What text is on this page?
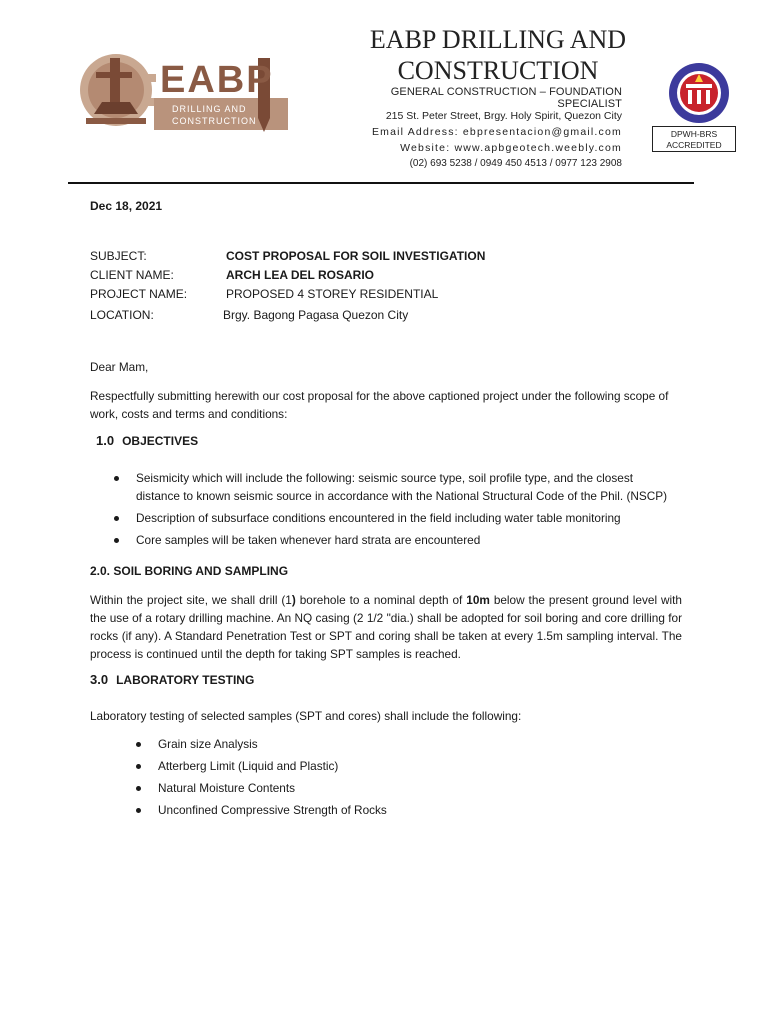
EABP
DRILLING AND
CONSTRUCTION
EABP DRILLING AND
CONSTRUCTION
GENERAL CONSTRUCTION – FOUNDATION SPECIALIST
215 St. Peter Street, Brgy. Holy Spirit, Quezon City
Email Address: ebpresentacion@gmail.com
Website: www.apbgeotech.weebly.com
(02) 693 5238 / 0949 450 4513 / 0977 123 2908
DPWH-BRS
ACCREDITED
Dec 18, 2021
SUBJECT:	COST PROPOSAL FOR SOIL INVESTIGATION
CLIENT NAME:	ARCH LEA DEL ROSARIO
PROJECT NAME:	PROPOSED 4 STOREY RESIDENTIAL
LOCATION:	Brgy. Bagong Pagasa Quezon City
Dear Mam,
Respectfully submitting herewith our cost proposal for the above captioned project under the following scope of work, costs and terms and conditions:
1.0 OBJECTIVES
Seismicity which will include the following: seismic source type, soil profile type, and the closest distance to known seismic source in accordance with the National Structural Code of the Phil. (NSCP)
Description of subsurface conditions encountered in the field including water table monitoring
Core samples will be taken whenever hard strata are encountered
2.0. SOIL BORING AND SAMPLING
Within the project site, we shall drill (1) borehole to a nominal depth of 10m below the present ground level with the use of a rotary drilling machine. An NQ casing (2 1/2 "dia.) shall be adopted for soil boring and core drilling for rocks (if any). A Standard Penetration Test or SPT and coring shall be taken at every 1.5m sampling interval. The process is continued until the depth for taking SPT samples is reached.
3.0 LABORATORY TESTING
Laboratory testing of selected samples (SPT and cores) shall include the following:
Grain size Analysis
Atterberg Limit (Liquid and Plastic)
Natural Moisture Contents
Unconfined Compressive Strength of Rocks
